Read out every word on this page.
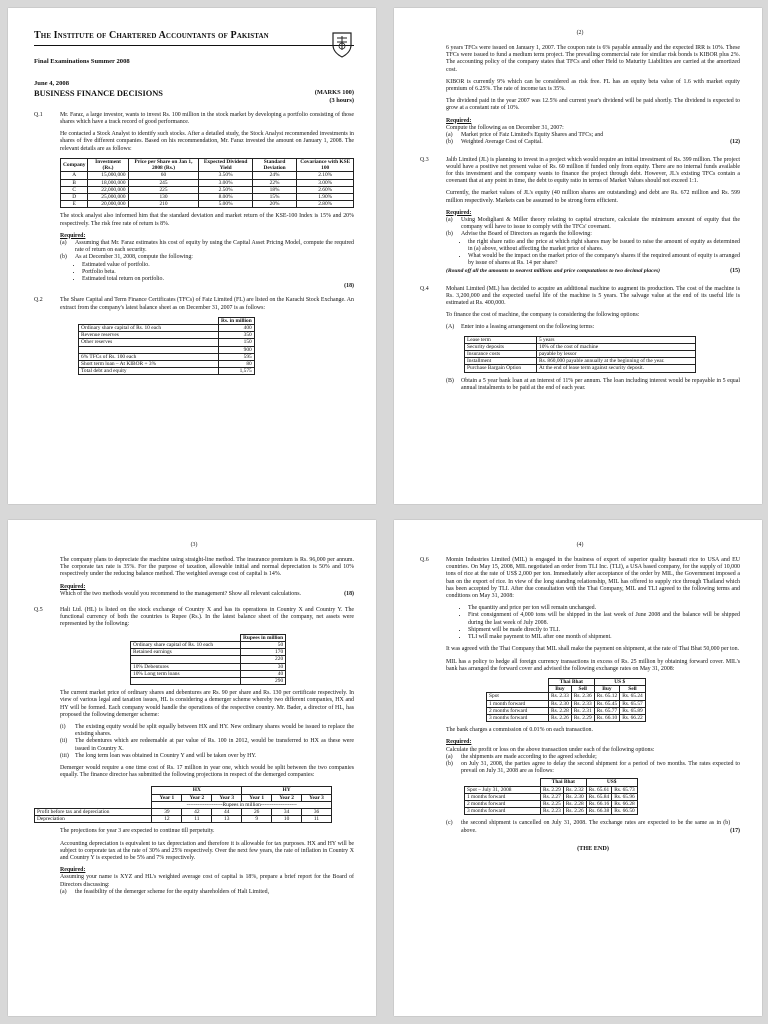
The Institute of Chartered Accountants of Pakistan
Final Examinations Summer 2008
June 4, 2008
BUSINESS FINANCE DECISIONS	(MARKS 100)
(3 hours)
Q.1	Mr. Faraz, a large investor, wants to invest Rs. 100 million in the stock market by developing a portfolio consisting of those shares which have a track record of good performance.

He contacted a Stock Analyst to identify such stocks. After a detailed study, the Stock Analyst recommended investments in shares of five different companies. Based on his recommendation, Mr. Faraz invested the amount on January 1, 2008. The relevant details are as follows:

Company	Investment (Rs.)	Price per Share on Jan 1, 2008 (Rs.)	Expected Dividend Yield	Standard Deviation	Covariance with KSE 100
A	15,000,000	60	3.50%	24%	2.10%
B	18,000,000	245	3.00%	22%	3.00%
C	22,000,000	225	2.50%	18%	2.60%
D	25,000,000	130	8.00%	15%	1.90%
E	20,000,000	210	5.00%	20%	2.80%

The stock analyst also informed him that the standard deviation and market return of the KSE-100 Index is 15% and 20% respectively. The risk free rate of return is 8%.

Required:
(a)	Assuming that Mr. Faraz estimates his cost of equity by using the Capital Asset Pricing Model, compute the required rate of return on each security.
(b)	As at December 31, 2008, compute the following:
• Estimated value of portfolio.
• Portfolio beta.
• Estimated total return on portfolio.
(18)
Q.2	The Share Capital and Term Finance Certificates (TFCs) of Faiz Limited (FL) are listed on the Karachi Stock Exchange. An extract from the company's latest balance sheet as on December 31, 2007 is as follows:

	Rs. in million
Ordinary share capital of Rs. 10 each	400
Revenue reserves	350
Other reserves	150
	900
6% TFCs of Rs. 100 each	595
Short term loan – At KIBOR + 3%	80
Total debt and equity	1,575
(2)

6 years TFCs were issued on January 1, 2007. The coupon rate is 6% payable annually and the expected IRR is 10%. These TFCs were issued to fund a medium term project. The prevailing commercial rate for similar risk bonds is KIBOR plus 2%. The accounting policy of the company states that TFCs and other Held to Maturity Liabilities are carried at the amortized cost.

KIBOR is currently 9% which can be considered as risk free. FL has an equity beta value of 1.6 with market equity premium of 6.25%. The rate of income tax is 35%.

The dividend paid in the year 2007 was 12.5% and current year's dividend will be paid shortly. The dividend is expected to grow at a constant rate of 10%.

Required:
Compute the following as on December 31, 2007:
(a)	Market price of Faiz Limited's Equity Shares and TFCs; and
(b)	Weighted Average Cost of Capital.	(12)
Q.3	Jalib Limited (JL) is planning to invest in a project which would require an initial investment of Rs. 399 million. The project would have a positive net present value of Rs. 60 million if funded only from equity. There are no internal funds available for this investment and the company wants to finance the project through debt. However, JL's existing TFCs contain a covenant that at any point in time, the debt to equity ratio in terms of Market Values should not exceed 1:1.

Currently, the market values of JL's equity (40 million shares are outstanding) and debt are Rs. 672 million and Rs. 599 million respectively. Markets can be assumed to be strong form efficient.

Required:
(a)	Using Modigliani & Miller theory relating to capital structure, calculate the minimum amount of equity that the company will have to issue to comply with the TFCs' covenant.
(b)	Advise the Board of Directors as regards the following:
• the right share ratio and the price at which right shares may be issued to raise the amount of equity as determined in (a) above, without affecting the market price of shares.
• What would be the impact on the market price of the company's shares if the required amount of equity is arranged by issue of shares at Rs. 14 per share?
(Round off all the amounts to nearest millions and price computations to two decimal places)	(15)
Q.4	Mohani Limited (ML) has decided to acquire an additional machine to augment its production. The cost of the machine is Rs. 3,200,000 and the expected useful life of the machine is 5 years. The salvage value at the end of its useful life is estimated at Rs. 400,000.

To finance the cost of machine, the company is considering the following options:

(A)	Enter into a leasing arrangement on the following terms:
Lease term	5 years
Security deposits	10% of the cost of machine
Insurance costs	payable by lessor
Installment	Rs. 860,000 payable annually at the beginning of the year.
Purchase Bargain Option	At the end of lease term against security deposit.
(B)	Obtain a 5 year bank loan at an interest of 11% per annum. The loan including interest would be repayable in 5 equal annual instalments to be paid at the end of each year.
(3)

The company plans to depreciate the machine using straight-line method. The insurance premium is Rs. 96,000 per annum. The corporate tax rate is 35%. For the purpose of taxation, allowable initial and normal depreciation is 50% and 10% respectively under the reducing balance method. The weighted average cost of capital is 14%.

Required:
Which of the two methods would you recommend to the management? Show all relevant calculations.	(18)
Q.5	Hali Ltd. (HL) is listed on the stock exchange of Country X and has its operations in Country X and Country Y. The functional currency of both the countries is Rupee (Rs.). In the latest balance sheet of the company, net assets were represented by the following:

	Rupees in million
Ordinary share capital of Rs. 10 each	50
Retained earnings	170
	220
10% Debentures	30
10% Long term loans	40
	290

The current market price of ordinary shares and debentures are Rs. 90 per share and Rs. 130 per certificate respectively. In view of various legal and taxation issues, HL is considering a demerger scheme whereby two different companies, HX and HY will be formed. Each company would handle the operations of the respective country. Mr. Bader, a director of HL, has proposed the following demerger scheme:

(i)	The existing equity would be split equally between HX and HY. New ordinary shares would be issued to replace the existing shares.
(ii)	The debentures which are redeemable at par value of Rs. 100 in 2012, would be transferred to HX as these were issued in Country X.
(iii)	The long term loan was obtained in Country Y and will be taken over by HY.

Demerger would require a one time cost of Rs. 17 million in year one, which would be split between the two companies equally. The finance director has submitted the following projections in respect of the demerged companies:

	HX			HY		
	Year 1	Year 2	Year 3	Year 1	Year 2	Year 3
	--------------------Rupees in million--------------------					
Profit before tax and depreciation	39	42	44	26	34	36
Depreciation	12	11	13	9	10	11

The projections for year 3 are expected to continue till perpetuity.

Accounting depreciation is equivalent to tax depreciation and therefore it is allowable for tax purposes. HX and HY will be subject to corporate tax at the rate of 30% and 25% respectively. Over the next few years, the rate of inflation in Country X and Country Y is expected to be 5% and 7% respectively.

Required:
Assuming your name is XYZ and HL's weighted average cost of capital is 18%, prepare a brief report for the Board of Directors discussing:
(a)	the feasibility of the demerger scheme for the equity shareholders of Hali Limited,
(4)
Q.6	Momin Industries Limited (MIL) is engaged in the business of export of superior quality basmati rice to USA and EU countries. On May 15, 2008, MIL negotiated an order from TLI Inc. (TLI), a USA based company, for the supply of 10,000 tons of rice at the rate of US$ 2,000 per ton. Immediately after acceptance of the order by MIL, the Government imposed a ban on the export of rice. In view of the long standing relationship, MIL has offered to supply rice through Thailand which has been accepted by TLI. After due consultation with the Thai Company, MIL and TLI agreed to the following terms and conditions on May 31, 2008:

• The quantity and price per ton will remain unchanged.
• First consignment of 4,000 tons will be shipped in the last week of June 2008 and the balance will be shipped during the last week of July 2008.
• Shipment will be made directly to TLI.
• TLI will make payment to MIL after one month of shipment.

It was agreed with the Thai Company that MIL shall make the payment on shipment, at the rate of Thai Bhat 50,000 per ton.

MIL has a policy to hedge all foreign currency transactions in excess of Rs. 25 million by obtaining forward cover. MIL's bank has arranged the forward cover and advised the following exchange rates on May 31, 2008:

	Thai Bhat		US $	
	Buy	Sell	Buy	Sell
Spot	Rs. 2.33	Rs. 2.36	Rs. 65.12	Rs. 65.24
1 month forward	Rs. 2.30	Rs. 2.33	Rs. 65.45	Rs. 65.57
2 months forward	Rs. 2.28	Rs. 2.31	Rs. 65.77	Rs. 65.89
3 months forward	Rs. 2.26	Rs. 2.29	Rs. 66.10	Rs. 66.22

The bank charges a commission of 0.01% on each transaction.

Required:
Calculate the profit or loss on the above transaction under each of the following options:
(a)	the shipments are made according to the agreed schedule;
(b)	on July 31, 2008, the parties agree to delay the second shipment for a period of two months. The rates expected to prevail on July 31, 2008 are as follows:
	Thai Bhat		US$	
Spot – July 31, 2008	Rs. 2.29	Rs. 2.32	Rs. 65.61	Rs. 65.73
1 months forward	Rs. 2.27	Rs. 2.30	Rs. 65.84	Rs. 65.96
2 months forward	Rs. 2.25	Rs. 2.28	Rs. 66.16	Rs. 66.28
3 months forward	Rs. 2.23	Rs. 2.26	Rs. 66.38	Rs. 66.50
(c)	the second shipment is cancelled on July 31, 2008. The exchange rates are expected to be the same as in (b) above.	(17)
(THE END)
